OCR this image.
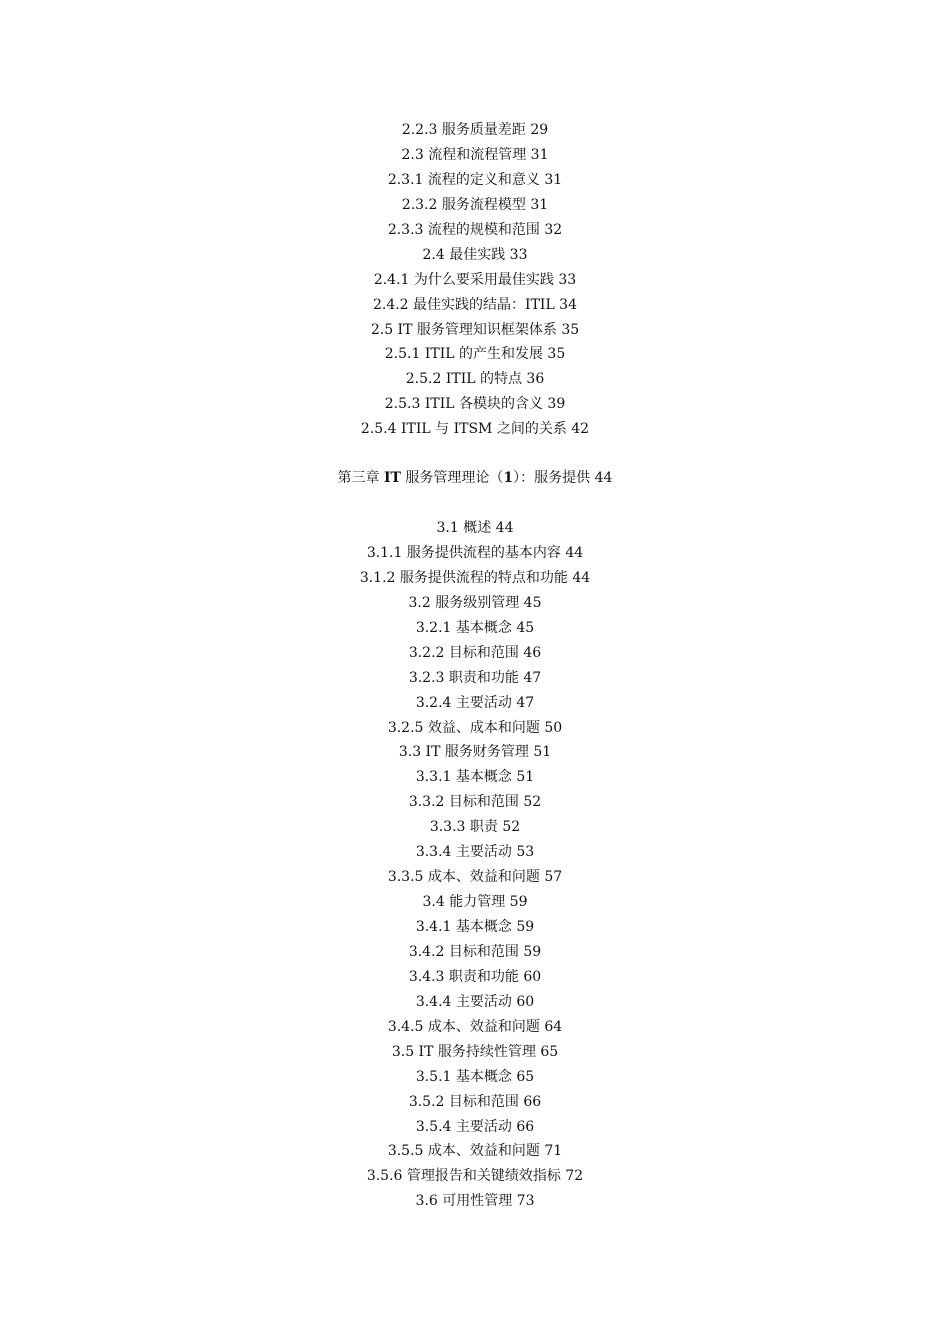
2.2.3 服务质量差距 29
2.3 流程和流程管理 31
2.3.1 流程的定义和意义 31
2.3.2 服务流程模型 31
2.3.3 流程的规模和范围 32
2.4 最佳实践 33
2.4.1 为什么要采用最佳实践 33
2.4.2 最佳实践的结晶：ITIL 34
2.5 IT 服务管理知识框架体系 35
2.5.1 ITIL 的产生和发展 35
2.5.2 ITIL 的特点 36
2.5.3 ITIL 各模块的含义 39
2.5.4 ITIL 与 ITSM 之间的关系 42

第三章 IT 服务管理理论（1）：服务提供 44

3.1 概述 44
3.1.1 服务提供流程的基本内容 44
3.1.2 服务提供流程的特点和功能 44
3.2 服务级别管理 45
3.2.1 基本概念 45
3.2.2 目标和范围 46
3.2.3 职责和功能 47
3.2.4 主要活动 47
3.2.5 效益、成本和问题 50
3.3 IT 服务财务管理 51
3.3.1 基本概念 51
3.3.2 目标和范围 52
3.3.3 职责 52
3.3.4 主要活动 53
3.3.5 成本、效益和问题 57
3.4 能力管理 59
3.4.1 基本概念 59
3.4.2 目标和范围 59
3.4.3 职责和功能 60
3.4.4 主要活动 60
3.4.5 成本、效益和问题 64
3.5 IT 服务持续性管理 65
3.5.1 基本概念 65
3.5.2 目标和范围 66
3.5.4 主要活动 66
3.5.5 成本、效益和问题 71
3.5.6 管理报告和关键绩效指标 72
3.6 可用性管理 73
